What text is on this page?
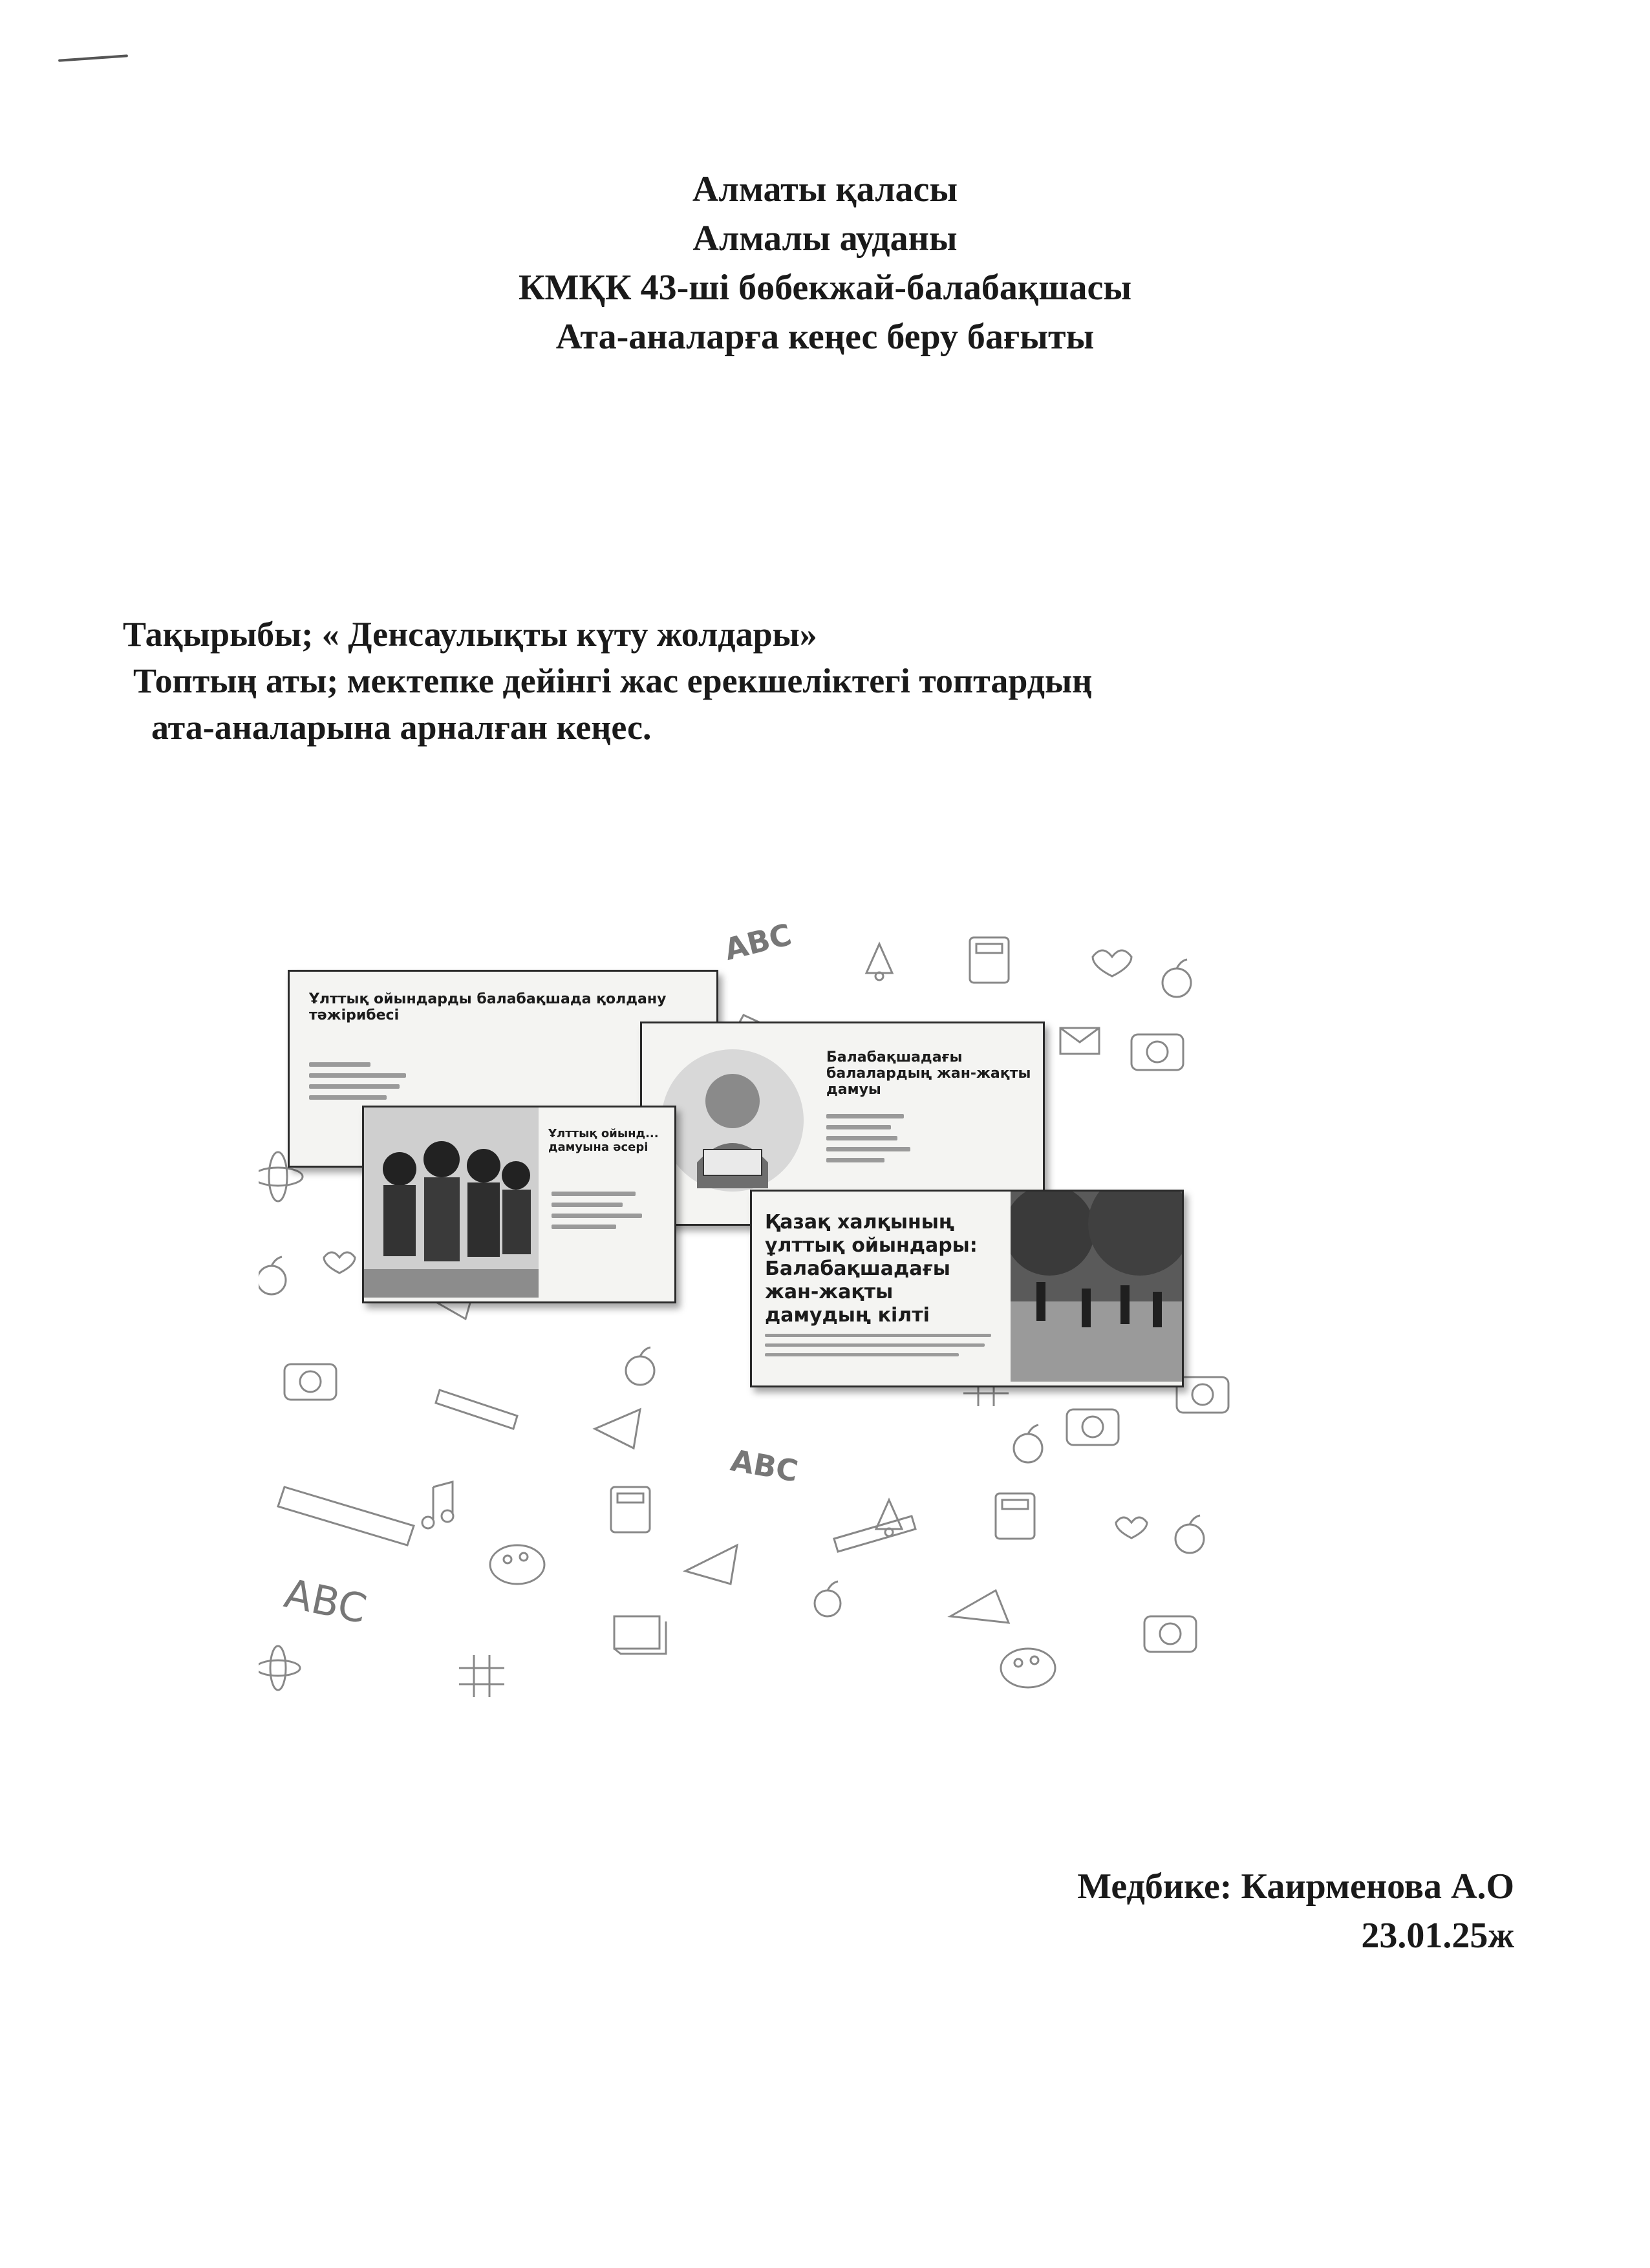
Алматы қаласы
Алмалы ауданы
КМҚК 43-ші бөбекжай-балабақшасы
Ата-аналарға кеңес беру бағыты
Тақырыбы; « Денсаулықты күту жолдары»
Топтың аты; мектепке дейінгі жас ерекшеліктегі топтардың
ата-аналарына арналған кеңес.
ABC
ABC
ABC
Ұлттық ойындарды балабақшада қолдану тәжірибесі
Балабақшадағы балалардың жан-жақты дамуы
Ұлттық ойынд... дамуына әсері
Қазақ халқының ұлттық ойындары: Балабақшадағы жан-жақты дамудың кілті
Медбике: Каирменова А.О
23.01.25ж
